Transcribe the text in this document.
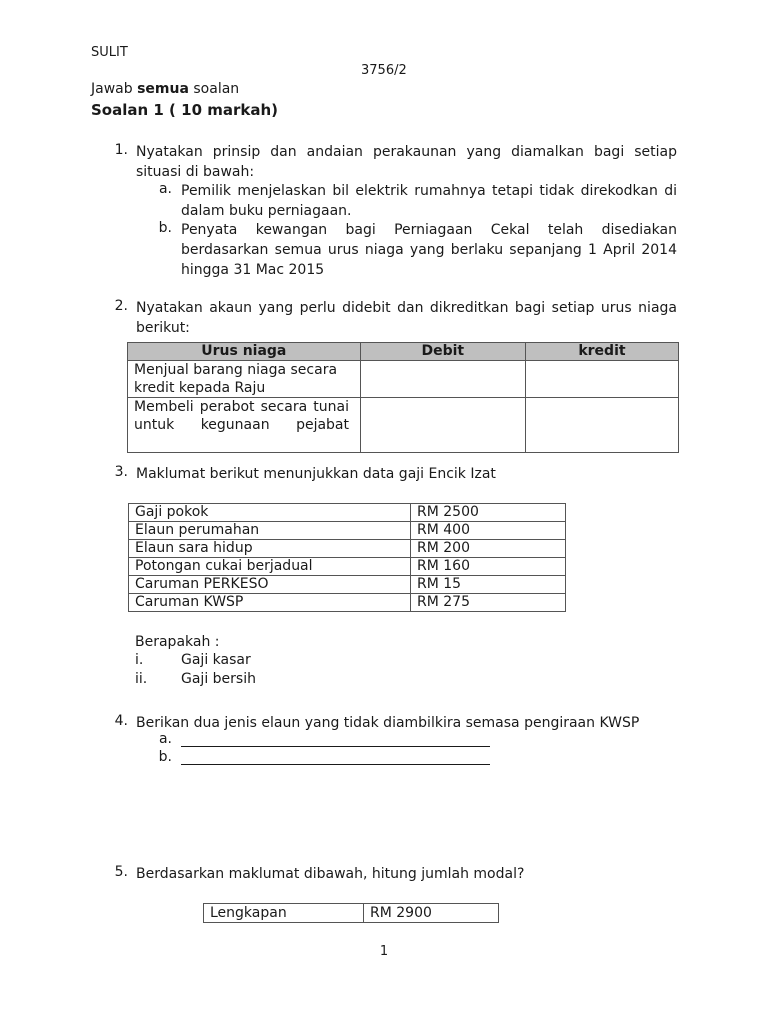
SULIT
3756/2
Jawab semua soalan
Soalan 1 ( 10 markah)
1. Nyatakan prinsip dan andaian perakaunan yang diamalkan bagi setiap situasi di bawah:
a. Pemilik menjelaskan bil elektrik rumahnya tetapi tidak direkodkan di dalam buku perniagaan.
b. Penyata kewangan bagi Perniagaan Cekal telah disediakan berdasarkan semua urus niaga yang berlaku sepanjang 1 April 2014 hingga 31 Mac 2015
2. Nyatakan akaun yang perlu didebit dan dikreditkan bagi setiap urus niaga berikut:
Urus niaga	Debit	kredit
Menjual barang niaga secara kredit kepada Raju		

Membeli perabot secara tunai untuk kegunaan pejabat		

3. Maklumat berikut menunjukkan data gaji Encik Izat
Gaji pokok	RM 2500
Elaun perumahan	RM 400
Elaun sara hidup	RM 200
Potongan cukai berjadual	RM 160
Caruman PERKESO	RM 15
Caruman KWSP	RM 275
Berapakah :
i.	Gaji kasar
ii. Gaji bersih
4. Berikan dua jenis elaun yang tidak diambilkira semasa pengiraan KWSP
a.
b.
5. Berdasarkan maklumat dibawah, hitung jumlah modal?
Lengkapan	RM 2900
1
